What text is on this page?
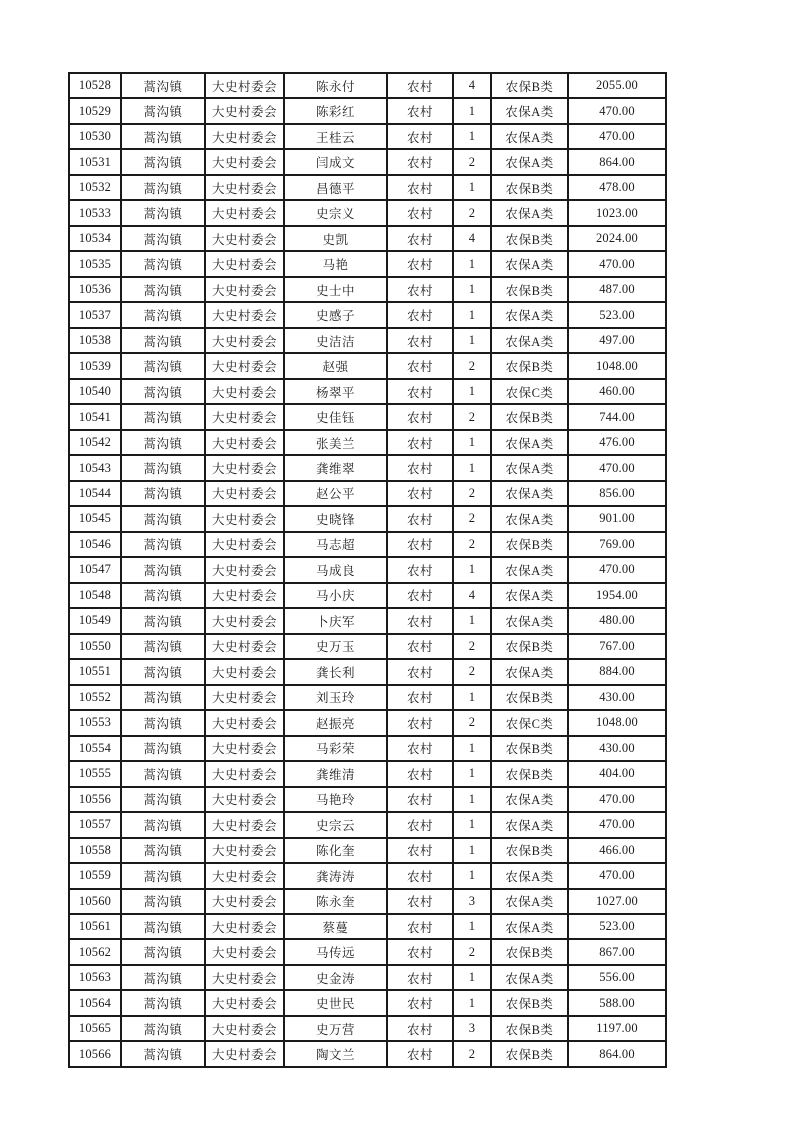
10528	蒿沟镇	大史村委会	陈永付	农村	4	农保B类	2055.00
10529	蒿沟镇	大史村委会	陈彩红	农村	1	农保A类	470.00
10530	蒿沟镇	大史村委会	王桂云	农村	1	农保A类	470.00
10531	蒿沟镇	大史村委会	闫成文	农村	2	农保A类	864.00
10532	蒿沟镇	大史村委会	昌德平	农村	1	农保B类	478.00
10533	蒿沟镇	大史村委会	史宗义	农村	2	农保A类	1023.00
10534	蒿沟镇	大史村委会	史凯	农村	4	农保B类	2024.00
10535	蒿沟镇	大史村委会	马艳	农村	1	农保A类	470.00
10536	蒿沟镇	大史村委会	史士中	农村	1	农保B类	487.00
10537	蒿沟镇	大史村委会	史感子	农村	1	农保A类	523.00
10538	蒿沟镇	大史村委会	史洁洁	农村	1	农保A类	497.00
10539	蒿沟镇	大史村委会	赵强	农村	2	农保B类	1048.00
10540	蒿沟镇	大史村委会	杨翠平	农村	1	农保C类	460.00
10541	蒿沟镇	大史村委会	史佳钰	农村	2	农保B类	744.00
10542	蒿沟镇	大史村委会	张美兰	农村	1	农保A类	476.00
10543	蒿沟镇	大史村委会	龚维翠	农村	1	农保A类	470.00
10544	蒿沟镇	大史村委会	赵公平	农村	2	农保A类	856.00
10545	蒿沟镇	大史村委会	史晓锋	农村	2	农保A类	901.00
10546	蒿沟镇	大史村委会	马志超	农村	2	农保B类	769.00
10547	蒿沟镇	大史村委会	马成良	农村	1	农保A类	470.00
10548	蒿沟镇	大史村委会	马小庆	农村	4	农保A类	1954.00
10549	蒿沟镇	大史村委会	卜庆军	农村	1	农保A类	480.00
10550	蒿沟镇	大史村委会	史万玉	农村	2	农保B类	767.00
10551	蒿沟镇	大史村委会	龚长利	农村	2	农保A类	884.00
10552	蒿沟镇	大史村委会	刘玉玲	农村	1	农保B类	430.00
10553	蒿沟镇	大史村委会	赵振亮	农村	2	农保C类	1048.00
10554	蒿沟镇	大史村委会	马彩荣	农村	1	农保B类	430.00
10555	蒿沟镇	大史村委会	龚维清	农村	1	农保B类	404.00
10556	蒿沟镇	大史村委会	马艳玲	农村	1	农保A类	470.00
10557	蒿沟镇	大史村委会	史宗云	农村	1	农保A类	470.00
10558	蒿沟镇	大史村委会	陈化奎	农村	1	农保B类	466.00
10559	蒿沟镇	大史村委会	龚涛涛	农村	1	农保A类	470.00
10560	蒿沟镇	大史村委会	陈永奎	农村	3	农保A类	1027.00
10561	蒿沟镇	大史村委会	蔡蔓	农村	1	农保A类	523.00
10562	蒿沟镇	大史村委会	马传远	农村	2	农保B类	867.00
10563	蒿沟镇	大史村委会	史金涛	农村	1	农保A类	556.00
10564	蒿沟镇	大史村委会	史世民	农村	1	农保B类	588.00
10565	蒿沟镇	大史村委会	史万营	农村	3	农保B类	1197.00
10566	蒿沟镇	大史村委会	陶文兰	农村	2	农保B类	864.00
